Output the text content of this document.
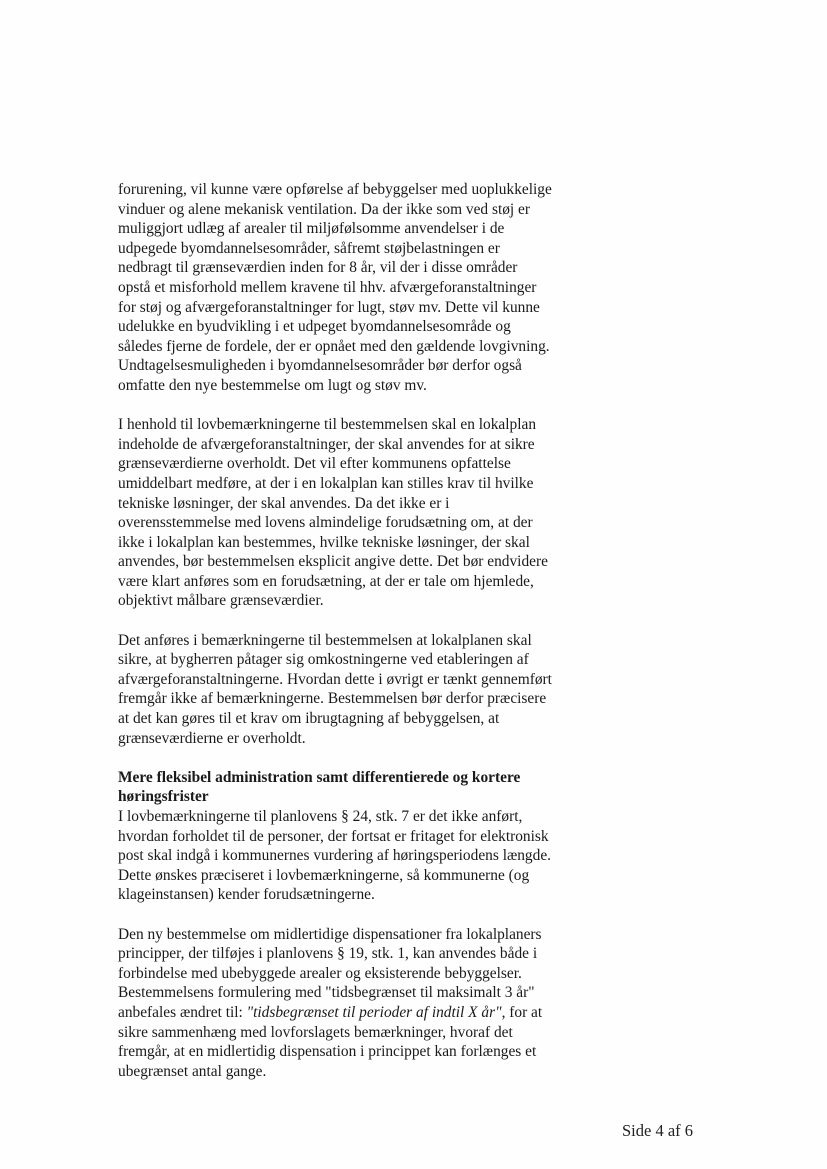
forurening, vil kunne være opførelse af bebyggelser med uoplukkelige
vinduer og alene mekanisk ventilation. Da der ikke som ved støj er
muliggjort udlæg af arealer til miljøfølsomme anvendelser i de
udpegede byomdannelsesområder, såfremt støjbelastningen er
nedbragt til grænseværdien inden for 8 år, vil der i disse områder
opstå et misforhold mellem kravene til hhv. afværgeforanstaltninger
for støj og afværgeforanstaltninger for lugt, støv mv. Dette vil kunne
udelukke en byudvikling i et udpeget byomdannelsesområde og
således fjerne de fordele, der er opnået med den gældende lovgivning.
Undtagelsesmuligheden i byomdannelsesområder bør derfor også
omfatte den nye bestemmelse om lugt og støv mv.

I henhold til lovbemærkningerne til bestemmelsen skal en lokalplan
indeholde de afværgeforanstaltninger, der skal anvendes for at sikre
grænseværdierne overholdt. Det vil efter kommunens opfattelse
umiddelbart medføre, at der i en lokalplan kan stilles krav til hvilke
tekniske løsninger, der skal anvendes. Da det ikke er i
overensstemmelse med lovens almindelige forudsætning om, at der
ikke i lokalplan kan bestemmes, hvilke tekniske løsninger, der skal
anvendes, bør bestemmelsen eksplicit angive dette. Det bør endvidere
være klart anføres som en forudsætning, at der er tale om hjemlede,
objektivt målbare grænseværdier.

Det anføres i bemærkningerne til bestemmelsen at lokalplanen skal
sikre, at bygherren påtager sig omkostningerne ved etableringen af
afværgeforanstaltningerne. Hvordan dette i øvrigt er tænkt gennemført
fremgår ikke af bemærkningerne. Bestemmelsen bør derfor præcisere
at det kan gøres til et krav om ibrugtagning af bebyggelsen, at
grænseværdierne er overholdt.

Mere fleksibel administration samt differentierede og kortere
høringsfrister

I lovbemærkningerne til planlovens § 24, stk. 7 er det ikke anført,
hvordan forholdet til de personer, der fortsat er fritaget for elektronisk
post skal indgå i kommunernes vurdering af høringsperiodens længde.
Dette ønskes præciseret i lovbemærkningerne, så kommunerne (og
klageinstansen) kender forudsætningerne.

Den ny bestemmelse om midlertidige dispensationer fra lokalplaners
principper, der tilføjes i planlovens § 19, stk. 1, kan anvendes både i
forbindelse med ubebyggede arealer og eksisterende bebyggelser.
Bestemmelsens formulering med "tidsbegrænset til maksimalt 3 år"
anbefales ændret til: "tidsbegrænset til perioder af indtil X år", for at
sikre sammenhæng med lovforslagets bemærkninger, hvoraf det
fremgår, at en midlertidig dispensation i princippet kan forlænges et
ubegrænset antal gange.

Side 4 af 6
